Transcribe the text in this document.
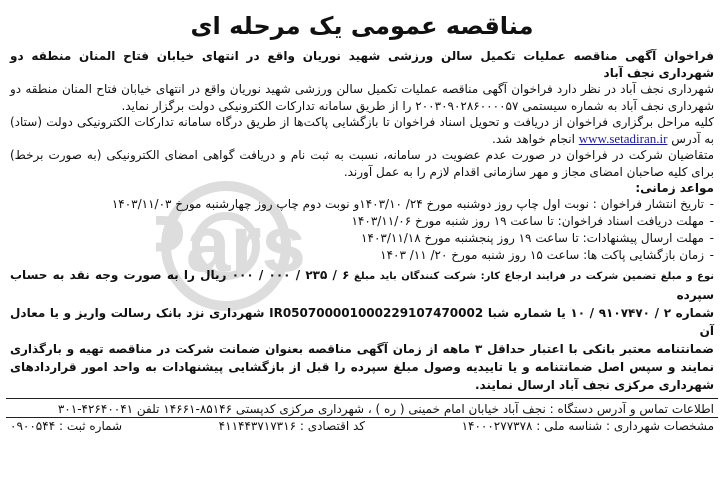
Pars
مناقصه عمومی یک مرحله ای

فراخوان آگهی مناقصه عملیات تکمیل سالن ورزشی شهید نوریان واقع در انتهای خیابان فتاح المنان منطقه دو شهرداری نجف آباد

شهرداری نجف آباد در نظر دارد فراخوان آگهی مناقصه عملیات تکمیل سالن ورزشی شهید نوریان واقع در انتهای خیابان فتاح المنان منطقه دو شهرداری نجف آباد به شماره سیستمی ۲۰۰۳۰۹۰۲۸۶۰۰۰۰۵۷ را از طریق سامانه تدارکات الکترونیکی دولت برگزار نماید.

کلیه مراحل برگزاری فراخوان از دریافت و تحویل اسناد فراخوان تا بازگشایی پاکت‌ها از طریق درگاه سامانه تدارکات الکترونیکی دولت (ستاد) به آدرس www.setadiran.ir انجام خواهد شد.

متقاضیان شرکت در فراخوان در صورت عدم عضویت در سامانه، نسبت به ثبت نام و دریافت گواهی امضای الکترونیکی (به صورت برخط) برای کلیه صاحبان امضای مجاز و مهر سازمانی اقدام لازم را به عمل آورند.

مواعد زمانی:
- تاریخ انتشار فراخوان : نوبت اول چاپ روز دوشنبه مورخ ۲۴/ ۱۴۰۳/۱۰و نوبت دوم چاپ روز چهارشنبه مورخ ۱۴۰۳/۱۱/۰۳
- مهلت دریافت اسناد فراخوان: تا ساعت ۱۹ روز شنبه مورخ ۱۴۰۳/۱۱/۰۶
- مهلت ارسال پیشنهادات: تا ساعت ۱۹ روز پنجشنبه مورخ ۱۴۰۳/۱۱/۱۸
- زمان بازگشایی پاکت ها: ساعت ۱۵ روز شنبه مورخ ۲۰/ ۱۱/ ۱۴۰۳
نوع و مبلغ تضمین شرکت در فرایند ارجاع کار: شرکت کنندگان باید مبلغ ۶ / ۲۳۵ / ۰۰۰ / ۰۰۰ ریال را به صورت وجه نقد به حساب سپرده
شماره ۲ / ۹۱۰۷۴۷۰ / ۱۰ یا شماره شبا IR050700001000229107470002 شهرداری نزد بانک رسالت واریز و یا معادل آن
ضمانتنامه معتبر بانکی با اعتبار حداقل ۳ ماهه از زمان آگهی مناقصه بعنوان ضمانت شرکت در مناقصه تهیه و بارگذاری نمایند و سپس اصل ضمانتنامه و یا تاییدیه وصول مبلغ سپرده را قبل از بازگشایی پیشنهادات به واحد امور قراردادهای شهرداری مرکزی نجف آباد ارسال نمایند.
اطلاعات تماس و آدرس دستگاه : نجف آباد خیابان امام خمینی ( ره ) ، شهرداری مرکزی کدپستی ۸۵۱۴۶-۱۴۶۶۱ تلفن ۴۲۶۴۰۰۴۱-۳۰۱
مشخصات شهرداری : شناسه ملی : ۱۴۰۰۰۲۷۷۳۷۸
کد اقتصادی : ۴۱۱۴۴۳۷۱۷۳۱۶
شماره ثبت : ۰۹۰۰۵۴۴
